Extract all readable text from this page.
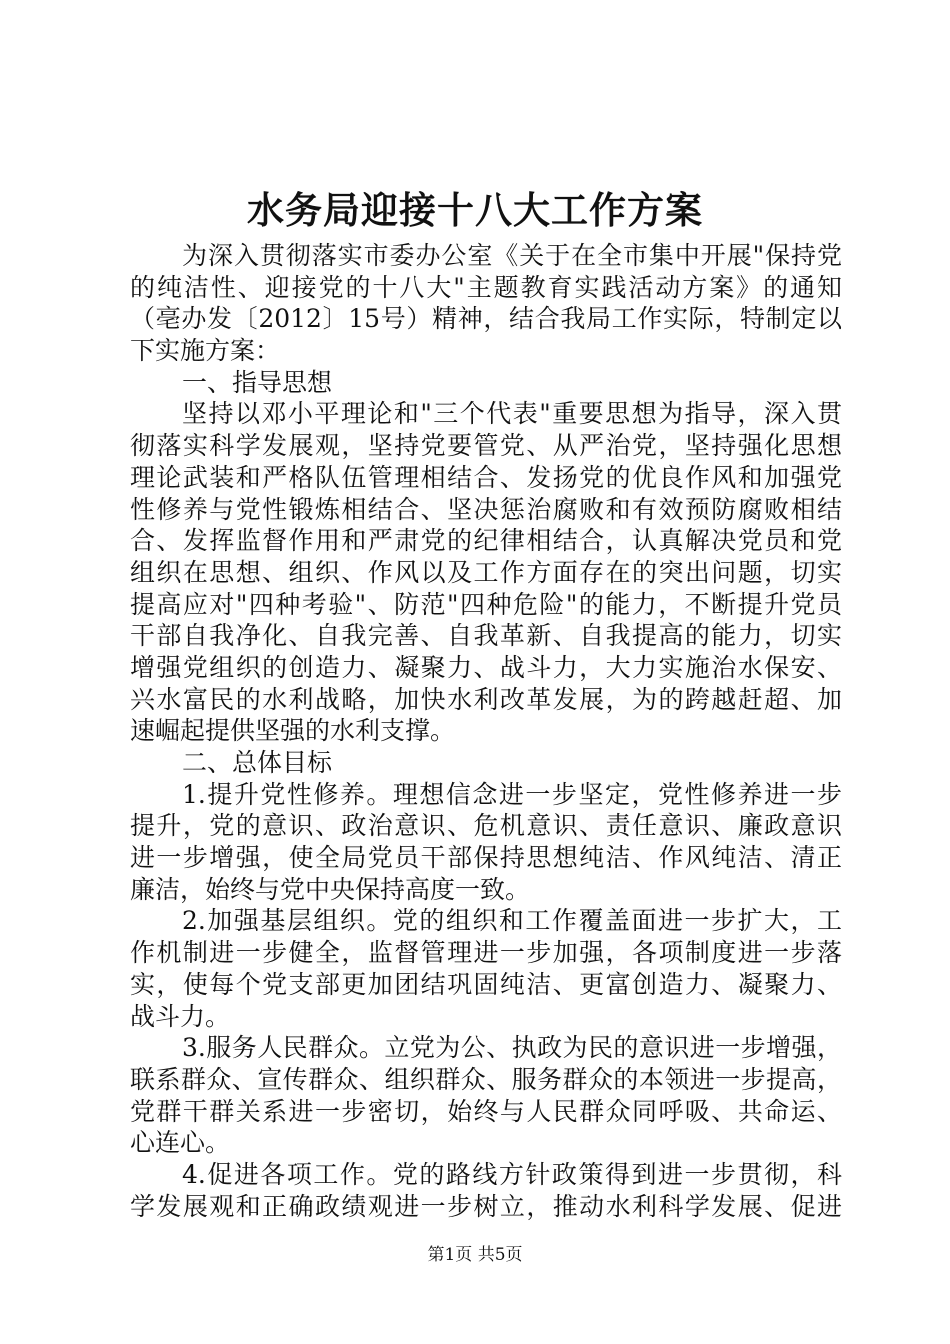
水务局迎接十八大工作方案
为深入贯彻落实市委办公室《关于在全市集中开展"保持党
的纯洁性、迎接党的十八大"主题教育实践活动方案》的通知
（亳办发〔2012〕15号）精神，结合我局工作实际，特制定以
下实施方案：
一、指导思想
坚持以邓小平理论和"三个代表"重要思想为指导，深入贯
彻落实科学发展观，坚持党要管党、从严治党，坚持强化思想
理论武装和严格队伍管理相结合、发扬党的优良作风和加强党
性修养与党性锻炼相结合、坚决惩治腐败和有效预防腐败相结
合、发挥监督作用和严肃党的纪律相结合，认真解决党员和党
组织在思想、组织、作风以及工作方面存在的突出问题，切实
提高应对"四种考验"、防范"四种危险"的能力，不断提升党员
干部自我净化、自我完善、自我革新、自我提高的能力，切实
增强党组织的创造力、凝聚力、战斗力，大力实施治水保安、
兴水富民的水利战略，加快水利改革发展，为的跨越赶超、加
速崛起提供坚强的水利支撑。
二、总体目标
1.提升党性修养。理想信念进一步坚定，党性修养进一步
提升，党的意识、政治意识、危机意识、责任意识、廉政意识
进一步增强，使全局党员干部保持思想纯洁、作风纯洁、清正
廉洁，始终与党中央保持高度一致。
2.加强基层组织。党的组织和工作覆盖面进一步扩大，工
作机制进一步健全，监督管理进一步加强，各项制度进一步落
实，使每个党支部更加团结巩固纯洁、更富创造力、凝聚力、
战斗力。
3.服务人民群众。立党为公、执政为民的意识进一步增强，
联系群众、宣传群众、组织群众、服务群众的本领进一步提高，
党群干群关系进一步密切，始终与人民群众同呼吸、共命运、
心连心。
4.促进各项工作。党的路线方针政策得到进一步贯彻，科
学发展观和正确政绩观进一步树立，推动水利科学发展、促进
第1页 共5页
